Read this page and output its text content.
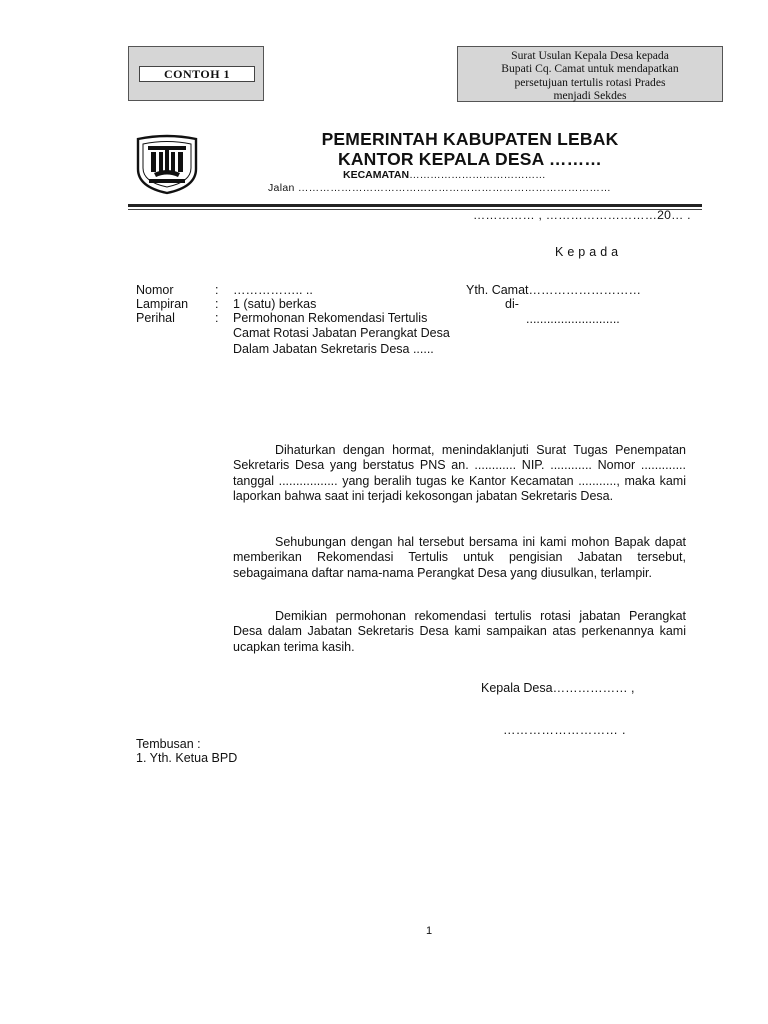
CONTOH 1
Surat Usulan Kepala Desa kepada
Bupati Cq. Camat untuk mendapatkan
persetujuan tertulis rotasi Prades
menjadi Sekdes
PEMERINTAH KABUPATEN LEBAK
KANTOR KEPALA DESA ………
KECAMATAN…………………………………
Jalan ……………………………………………………………………………
…………… , ………………………20… .
Kepada
Nomor	: …………….. ..
Lampiran : 1 (satu) berkas
Perihal	: Permohonan Rekomendasi Tertulis Camat Rotasi Jabatan Perangkat Desa Dalam Jabatan Sekretaris Desa ......
Yth. Camat………………………
di-
...........................
Dihaturkan dengan hormat, menindaklanjuti Surat Tugas Penempatan Sekretaris Desa yang berstatus PNS an. ............ NIP. ............ Nomor ............. tanggal ................. yang beralih tugas ke Kantor Kecamatan ..........., maka kami laporkan bahwa saat ini terjadi kekosongan jabatan Sekretaris Desa.
Sehubungan dengan hal tersebut bersama ini kami mohon Bapak dapat memberikan Rekomendasi Tertulis untuk pengisian Jabatan tersebut, sebagaimana daftar nama-nama Perangkat Desa yang diusulkan, terlampir.
Demikian permohonan rekomendasi tertulis rotasi jabatan Perangkat Desa dalam Jabatan Sekretaris Desa kami sampaikan atas perkenannya kami ucapkan terima kasih.
Kepala Desa……………… ,
……………………… .
Tembusan :
1. Yth. Ketua BPD
1
